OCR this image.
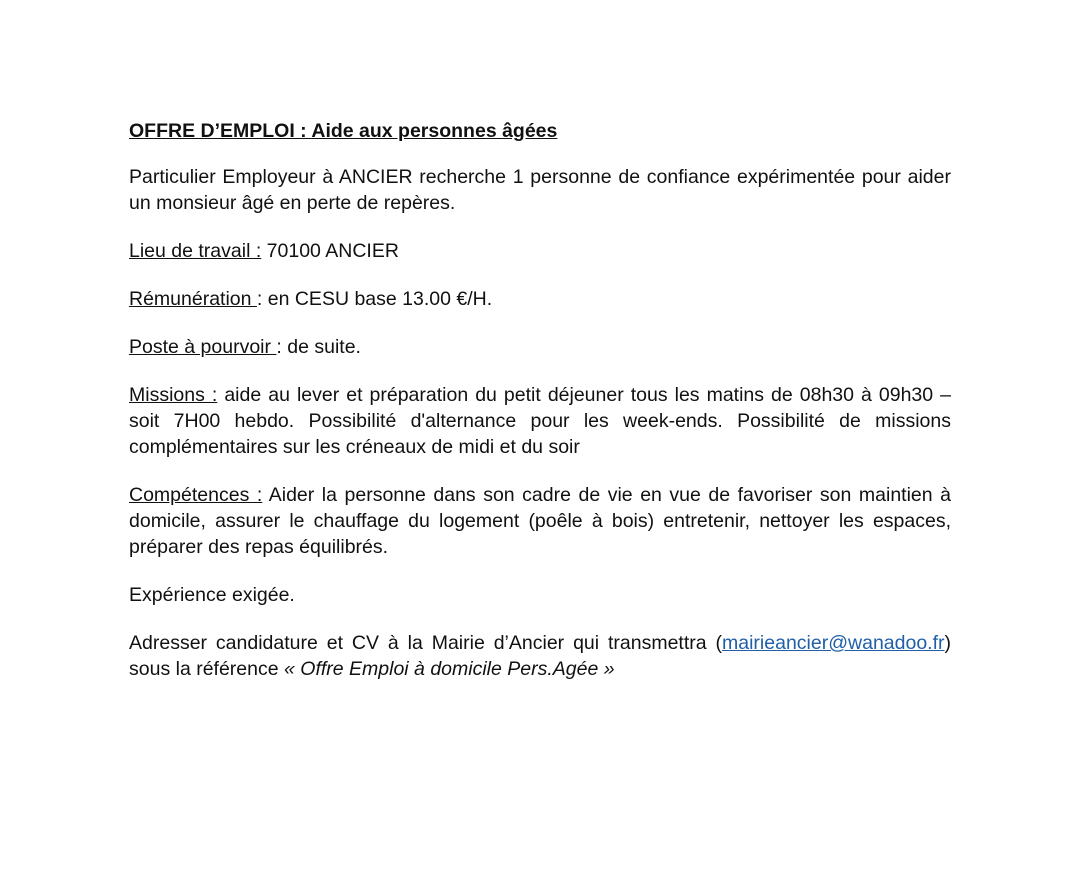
OFFRE D’EMPLOI : Aide aux personnes âgées

Particulier Employeur à ANCIER recherche 1 personne de confiance expérimentée pour aider un monsieur âgé en perte de repères.

Lieu de travail : 70100 ANCIER

Rémunération : en CESU base 13.00 €/H.

Poste à pourvoir : de suite.

Missions : aide au lever et préparation du petit déjeuner tous les matins de 08h30 à 09h30 – soit 7H00 hebdo. Possibilité d'alternance pour les week-ends. Possibilité de missions complémentaires sur les créneaux de midi et du soir

Compétences : Aider la personne dans son cadre de vie en vue de favoriser son maintien à domicile, assurer le chauffage du logement (poêle à bois) entretenir, nettoyer les espaces, préparer des repas équilibrés.

Expérience exigée.

Adresser candidature et CV à la Mairie d’Ancier qui transmettra (mairieancier@wanadoo.fr) sous la référence « Offre Emploi à domicile Pers.Agée »
